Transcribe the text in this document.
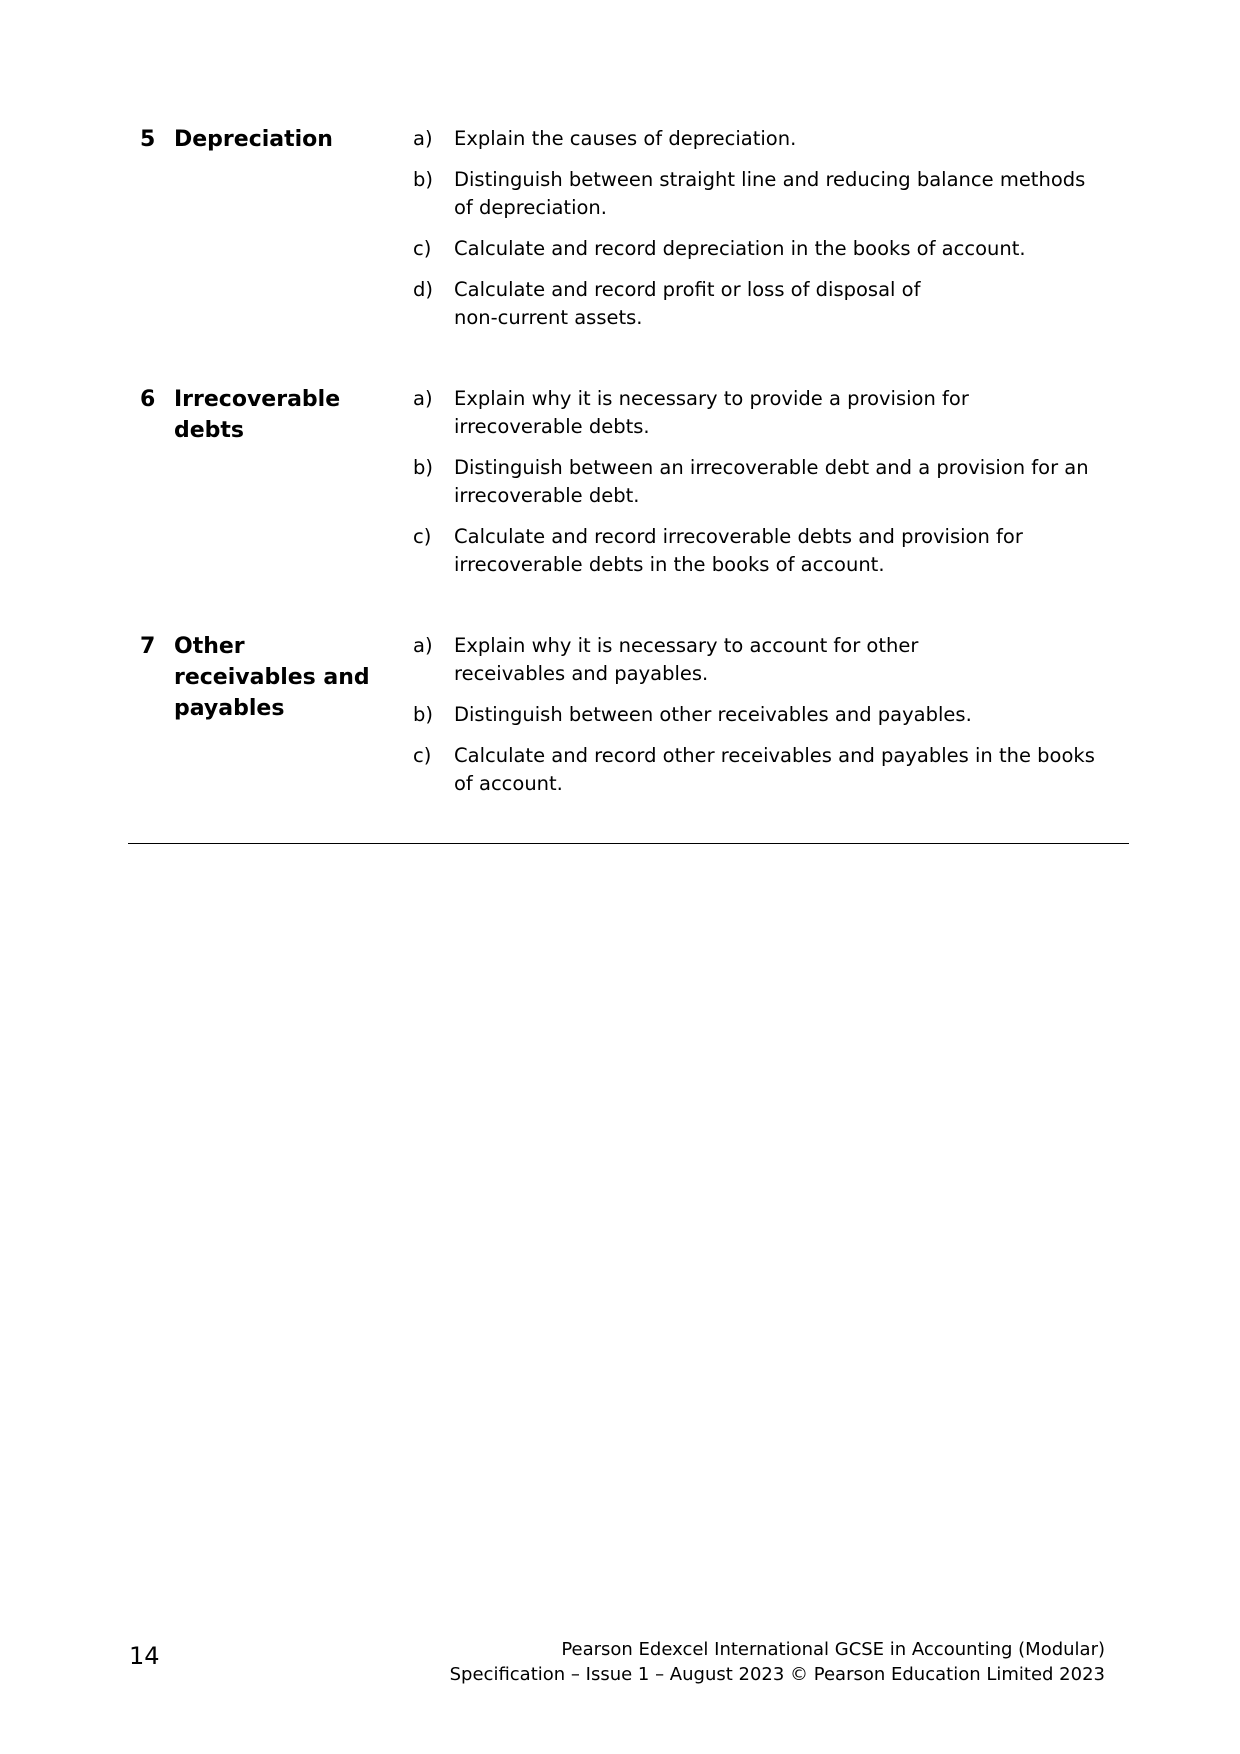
5 Depreciation	a) Explain the causes of depreciation.
b) Distinguish between straight line and reducing balance methods of depreciation.
c) Calculate and record depreciation in the books of account.
d) Calculate and record profit or loss of disposal of non-current assets.
6 Irrecoverable debts
a) Explain why it is necessary to provide a provision for irrecoverable debts.
b) Distinguish between an irrecoverable debt and a provision for an irrecoverable debt.
c) Calculate and record irrecoverable debts and provision for irrecoverable debts in the books of account.
7 Other receivables and payables
a) Explain why it is necessary to account for other receivables and payables.
b) Distinguish between other receivables and payables.
c) Calculate and record other receivables and payables in the books of account.
14	Pearson Edexcel International GCSE in Accounting (Modular)
Specification – Issue 1 – August 2023 © Pearson Education Limited 2023
